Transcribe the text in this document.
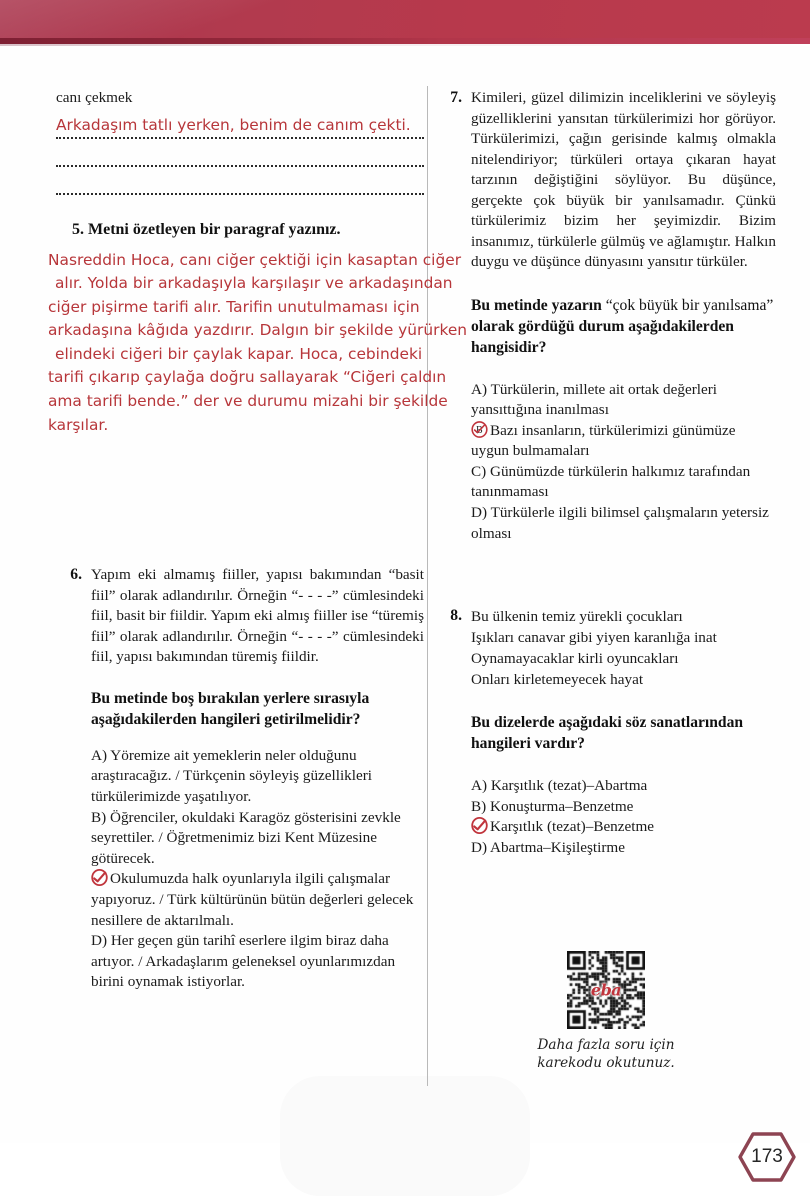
canı çekmek
Arkadaşım tatlı yerken, benim de canım çekti.
5. Metni özetleyen bir paragraf yazınız.
Nasreddin Hoca, canı ciğer çektiği için kasaptan ciğer
alır. Yolda bir arkadaşıyla karşılaşır ve arkadaşından
ciğer pişirme tarifi alır. Tarifin unutulmaması için
arkadaşına kâğıda yazdırır. Dalgın bir şekilde yürürken
elindeki ciğeri bir çaylak kapar. Hoca, cebindeki
tarifi çıkarıp çaylağa doğru sallayarak “Ciğeri çaldın
ama tarifi bende.” der ve durumu mizahi bir şekilde
karşılar.
6. Yapım eki almamış fiiller, yapısı bakımından “basit fiil” olarak adlandırılır. Örneğin “- - - -” cümlesindeki fiil, basit bir fiildir. Yapım eki almış fiiller ise “türemiş fiil” olarak adlandırılır. Örneğin “- - - -” cümlesindeki fiil, yapısı bakımından türemiş fiildir.
Bu metinde boş bırakılan yerlere sırasıyla aşağıdakilerden hangileri getirilmelidir?
A) Yöremize ait yemeklerin neler olduğunu araştıracağız. / Türkçenin söyleyiş güzellikleri türkülerimizde yaşatılıyor.
B) Öğrenciler, okuldaki Karagöz gösterisini zevkle seyrettiler. / Öğretmenimiz bizi Kent Müzesine götürecek.
Okulumuzda halk oyunlarıyla ilgili çalışmalar yapıyoruz. / Türk kültürünün bütün değerleri gelecek nesillere de aktarılmalı.
D) Her geçen gün tarihî eserlere ilgim biraz daha artıyor. / Arkadaşlarım geleneksel oyunlarımızdan birini oynamak istiyorlar.
7. Kimileri, güzel dilimizin inceliklerini ve söyleyiş güzelliklerini yansıtan türkülerimizi hor görüyor. Türkülerimizi, çağın gerisinde kalmış olmakla nitelendiriyor; türküleri ortaya çıkaran hayat tarzının değiştiğini söylüyor. Bu düşünce, gerçekte çok büyük bir yanılsamadır. Çünkü türkülerimiz bizim her şeyimizdir. Bizim insanımız, türkülerle gülmüş ve ağlamıştır. Halkın duygu ve düşünce dünyasını yansıtır türküler.
Bu metinde yazarın “çok büyük bir yanılsama” olarak gördüğü durum aşağıdakilerden hangisidir?
A) Türkülerin, millete ait ortak değerleri yansıttığına inanılması
B Bazı insanların, türkülerimizi günümüze uygun bulmamaları
C) Günümüzde türkülerin halkımız tarafından tanınmaması
D) Türkülerle ilgili bilimsel çalışmaların yetersiz olması
8. Bu ülkenin temiz yürekli çocukları
Işıkları canavar gibi yiyen karanlığa inat
Oynamayacaklar kirli oyuncakları
Onları kirletemeyecek hayat
Bu dizelerde aşağıdaki söz sanatlarından hangileri vardır?
A) Karşıtlık (tezat)–Abartma
B) Konuşturma–Benzetme
Karşıtlık (tezat)–Benzetme
D) Abartma–Kişileştirme
eba
Daha fazla soru için
karekodu okutunuz.
173
